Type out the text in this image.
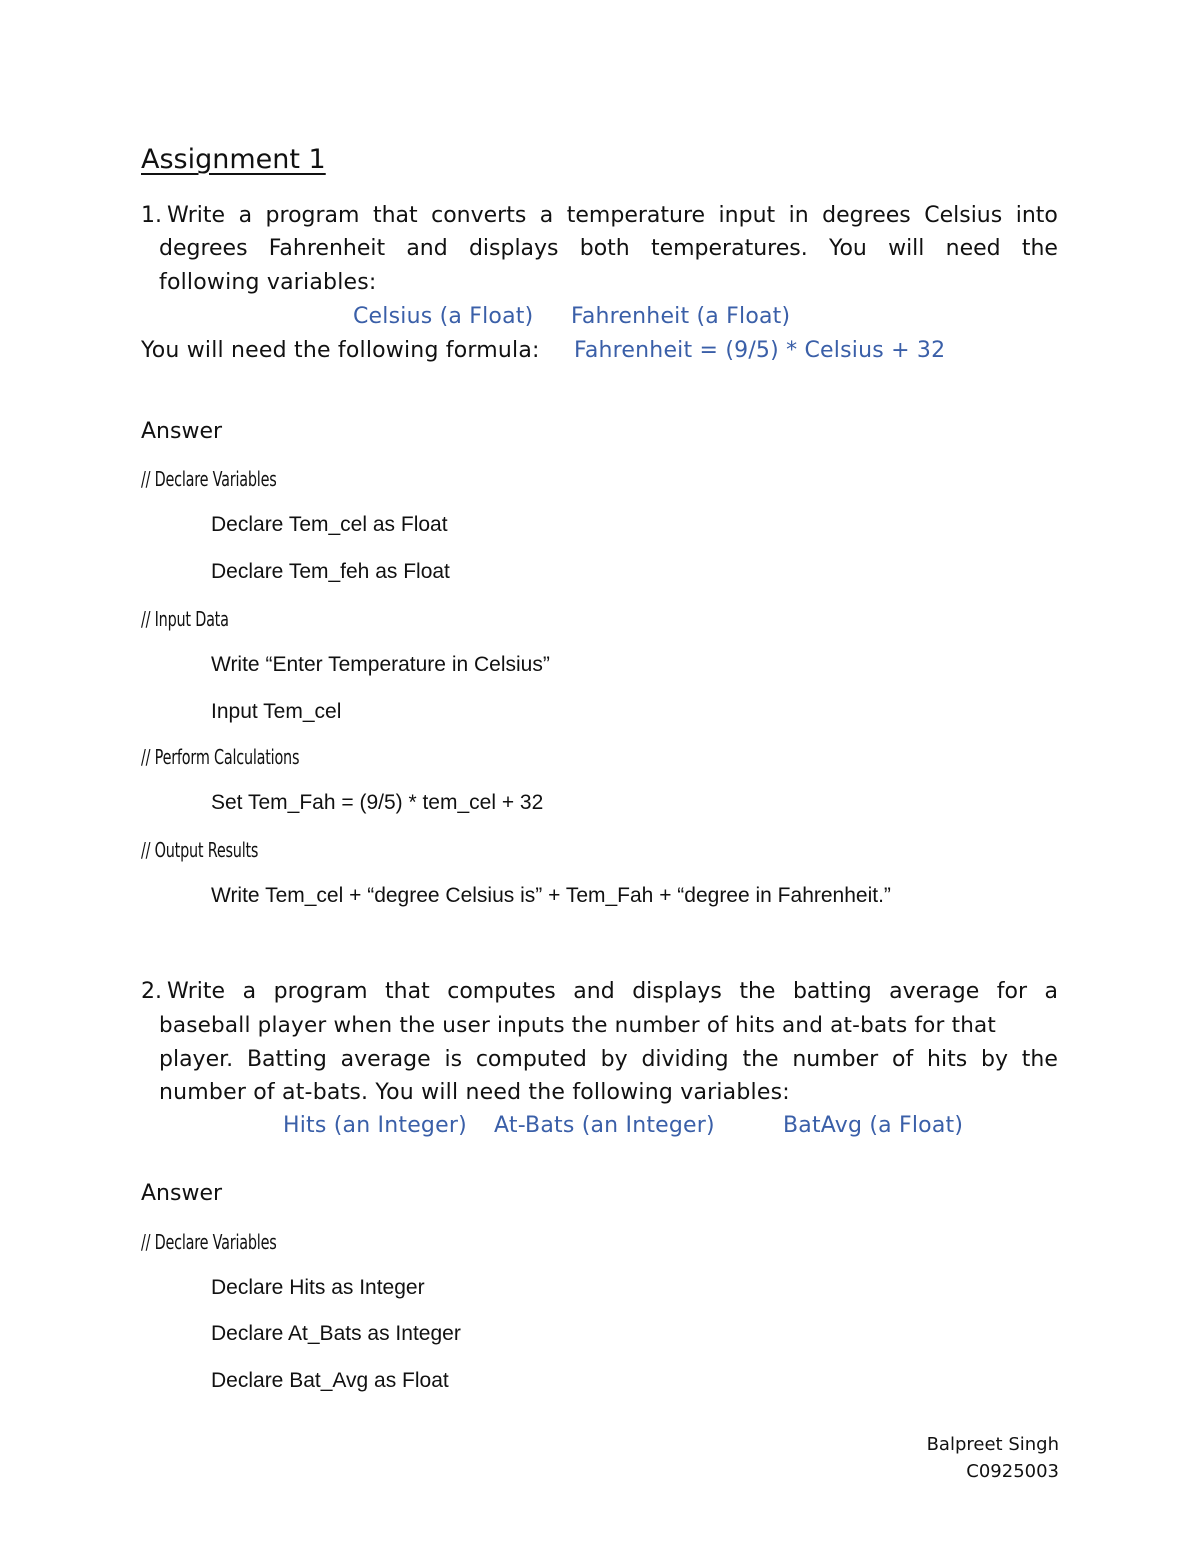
Assignment 1
1. Write a program that converts a temperature input in degrees Celsius into
degrees Fahrenheit and displays both temperatures. You will need the
following variables:
Celsius (a Float) Fahrenheit (a Float)
You will need the following formula: Fahrenheit = (9/5) * Celsius + 32
Answer
// Declare Variables
Declare Tem_cel as Float
Declare Tem_feh as Float
// Input Data
Write “Enter Temperature in Celsius”
Input Tem_cel
// Perform Calculations
Set Tem_Fah = (9/5) * tem_cel + 32
// Output Results
Write Tem_cel + “degree Celsius is” + Tem_Fah + “degree in Fahrenheit.”
2. Write a program that computes and displays the batting average for a
baseball player when the user inputs the number of hits and at-bats for that
player. Batting average is computed by dividing the number of hits by the
number of at-bats. You will need the following variables:
Hits (an Integer) At-Bats (an Integer)	BatAvg (a Float)
Answer
// Declare Variables
Declare Hits as Integer
Declare At_Bats as Integer
Declare Bat_Avg as Float
Balpreet Singh
C0925003
